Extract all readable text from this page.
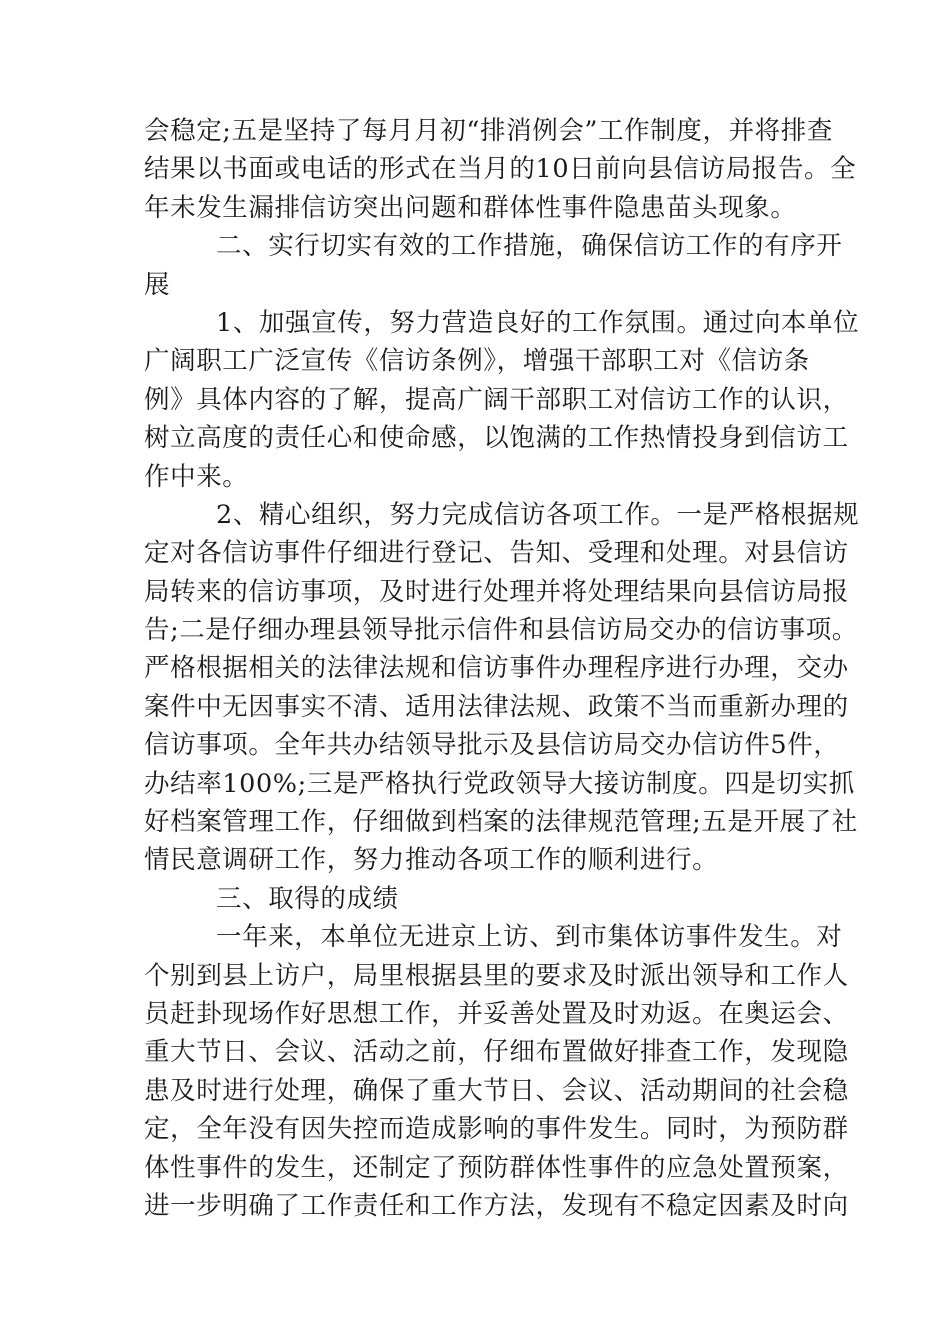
会稳定;五是坚持了每月月初“排消例会”工作制度，并将排查
结果以书面或电话的形式在当月的10日前向县信访局报告。全
年未发生漏排信访突出问题和群体性事件隐患苗头现象。
二、实行切实有效的工作措施，确保信访工作的有序开
展
1、加强宣传，努力营造良好的工作氛围。通过向本单位
广阔职工广泛宣传《信访条例》，增强干部职工对《信访条
例》具体内容的了解，提高广阔干部职工对信访工作的认识，
树立高度的责任心和使命感，以饱满的工作热情投身到信访工
作中来。
2、精心组织，努力完成信访各项工作。一是严格根据规
定对各信访事件仔细进行登记、告知、受理和处理。对县信访
局转来的信访事项，及时进行处理并将处理结果向县信访局报
告;二是仔细办理县领导批示信件和县信访局交办的信访事项。
严格根据相关的法律法规和信访事件办理程序进行办理，交办
案件中无因事实不清、适用法律法规、政策不当而重新办理的
信访事项。全年共办结领导批示及县信访局交办信访件5件，
办结率100%;三是严格执行党政领导大接访制度。四是切实抓
好档案管理工作，仔细做到档案的法律规范管理;五是开展了社
情民意调研工作，努力推动各项工作的顺利进行。
三、取得的成绩
一年来，本单位无进京上访、到市集体访事件发生。对
个别到县上访户，局里根据县里的要求及时派出领导和工作人
员赶卦现场作好思想工作，并妥善处置及时劝返。在奥运会、
重大节日、会议、活动之前，仔细布置做好排查工作，发现隐
患及时进行处理，确保了重大节日、会议、活动期间的社会稳
定，全年没有因失控而造成影响的事件发生。同时，为预防群
体性事件的发生，还制定了预防群体性事件的应急处置预案，
进一步明确了工作责任和工作方法，发现有不稳定因素及时向
